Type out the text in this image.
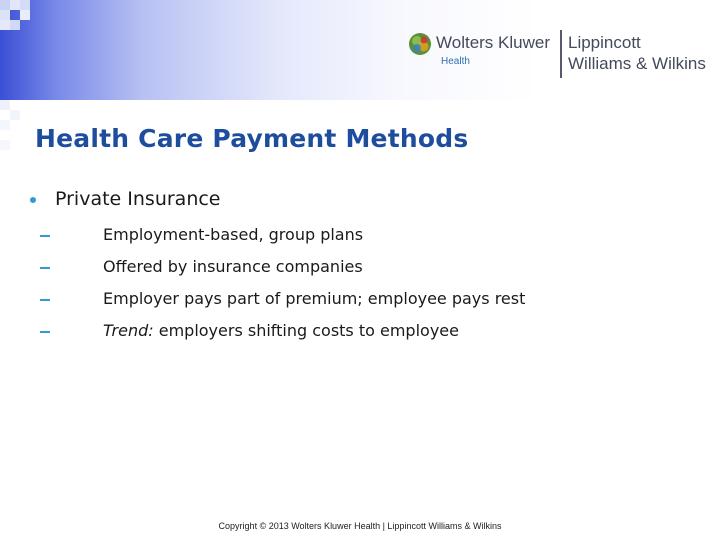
Wolters Kluwer
Health
Lippincott
Williams & Wilkins
Health Care Payment Methods
Private Insurance
Employment-based, group plans
Offered by insurance companies
Employer pays part of premium; employee pays rest
Trend: employers shifting costs to employee
Copyright © 2013 Wolters Kluwer Health | Lippincott Williams & Wilkins
